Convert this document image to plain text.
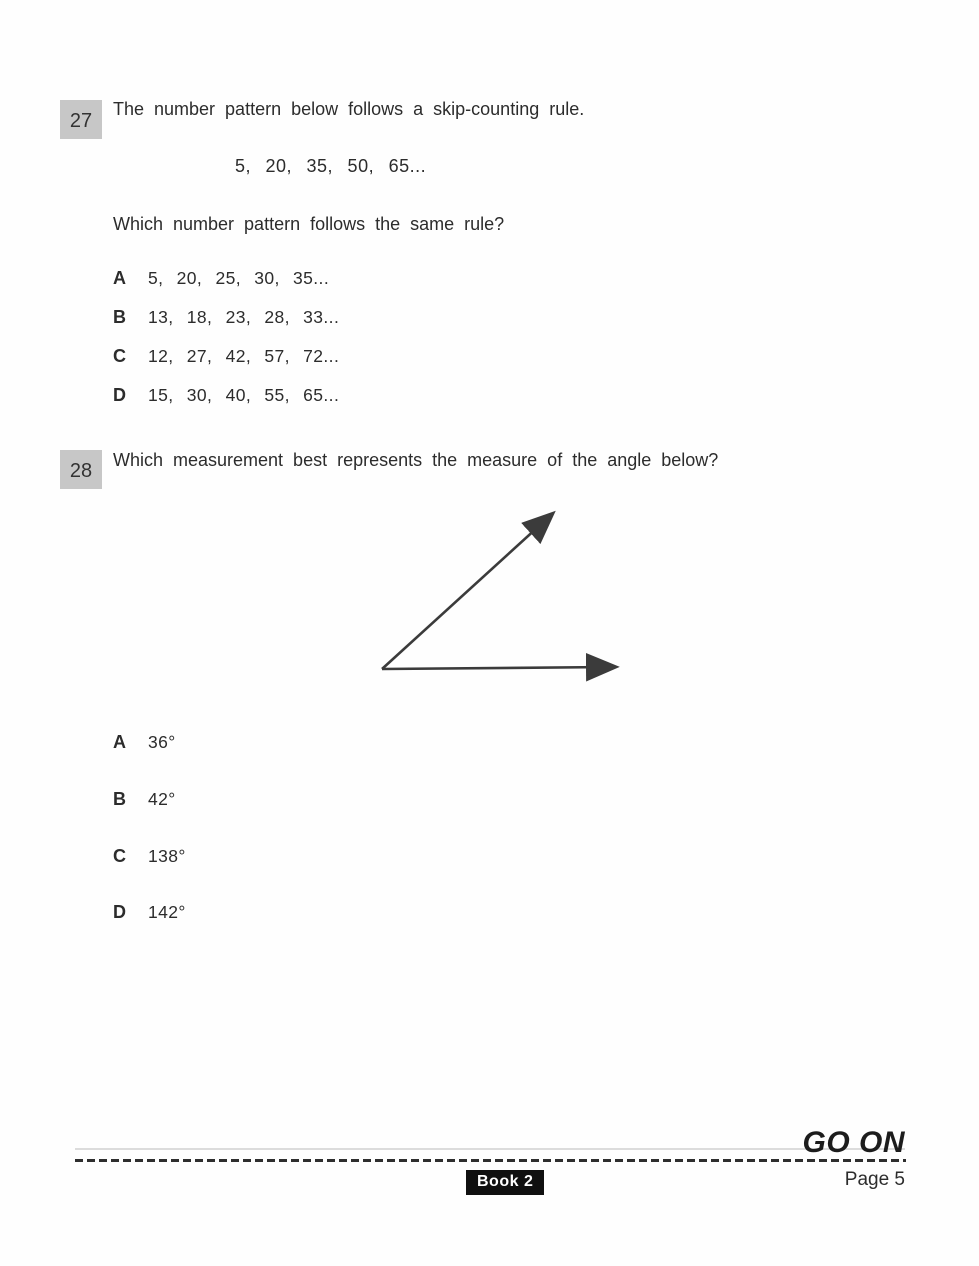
27
The number pattern below follows a skip-counting rule.
5, 20, 35, 50, 65...
Which number pattern follows the same rule?
A	5, 20, 25, 30, 35...
B	13, 18, 23, 28, 33...
C	12, 27, 42, 57, 72...
D	15, 30, 40, 55, 65...
28	Which measurement best represents the measure of the angle below?
A	36°
B	42°
C	138°
D	142°
GO ON
Book 2	Page 5
